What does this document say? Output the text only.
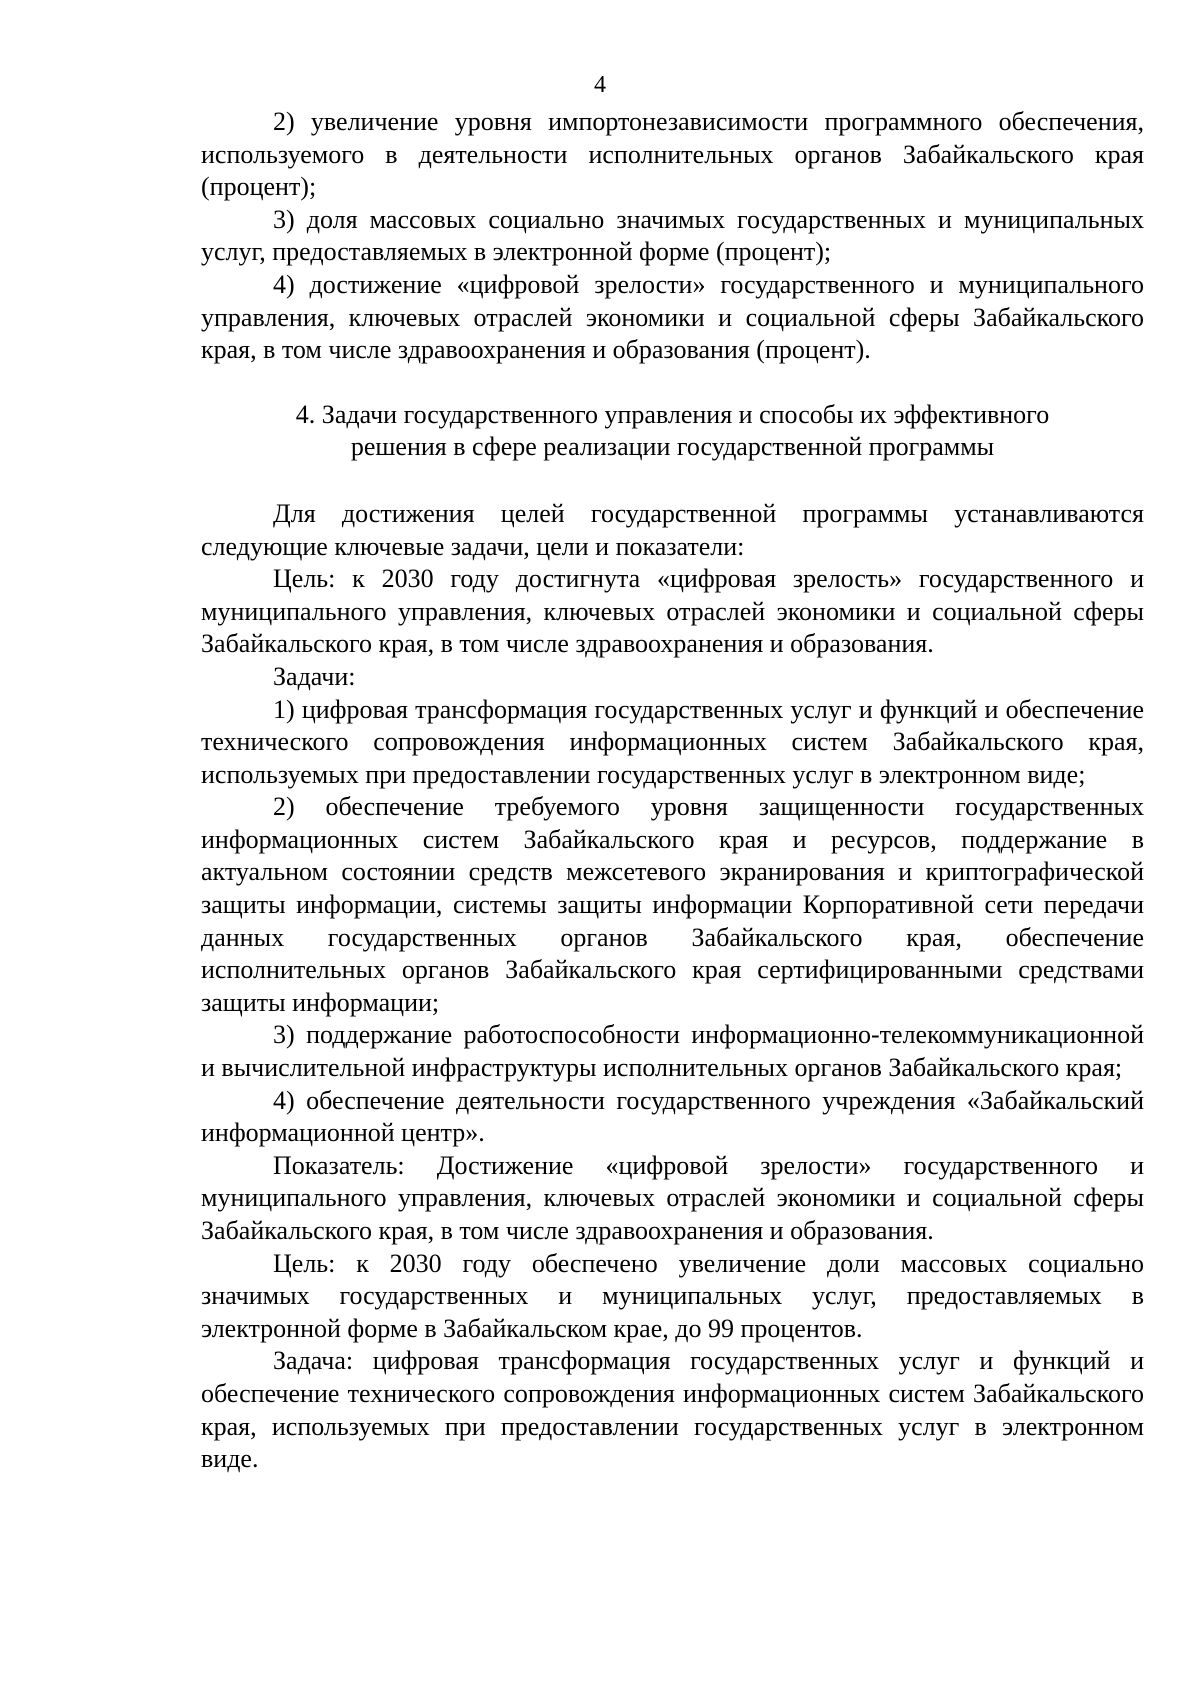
4

2) увеличение уровня импортонезависимости программного обеспечения, используемого в деятельности исполнительных органов Забайкальского края (процент);

3) доля массовых социально значимых государственных и муниципальных услуг, предоставляемых в электронной форме (процент);

4) достижение «цифровой зрелости» государственного и муниципального управления, ключевых отраслей экономики и социальной сферы Забайкальского края, в том числе здравоохранения и образования (процент).

4. Задачи государственного управления и способы их эффективного
решения в сфере реализации государственной программы

Для достижения целей государственной программы устанавливаются следующие ключевые задачи, цели и показатели:

Цель: к 2030 году достигнута «цифровая зрелость» государственного и муниципального управления, ключевых отраслей экономики и социальной сферы Забайкальского края, в том числе здравоохранения и образования.

Задачи:

1) цифровая трансформация государственных услуг и функций и обеспечение технического сопровождения информационных систем Забайкальского края, используемых при предоставлении государственных услуг в электронном виде;

2) обеспечение требуемого уровня защищенности государственных информационных систем Забайкальского края и ресурсов, поддержание в актуальном состоянии средств межсетевого экранирования и криптографической защиты информации, системы защиты информации Корпоративной сети передачи данных государственных органов Забайкальского края, обеспечение исполнительных органов Забайкальского края сертифицированными средствами защиты информации;

3) поддержание работоспособности информационно-телекоммуникационной и вычислительной инфраструктуры исполнительных органов Забайкальского края;

4) обеспечение деятельности государственного учреждения «Забайкальский информационной центр».

Показатель: Достижение «цифровой зрелости» государственного и муниципального управления, ключевых отраслей экономики и социальной сферы Забайкальского края, в том числе здравоохранения и образования.

Цель: к 2030 году обеспечено увеличение доли массовых социально значимых государственных и муниципальных услуг, предоставляемых в электронной форме в Забайкальском крае, до 99 процентов.

Задача: цифровая трансформация государственных услуг и функций и обеспечение технического сопровождения информационных систем Забайкальского края, используемых при предоставлении государственных услуг в электронном виде.
